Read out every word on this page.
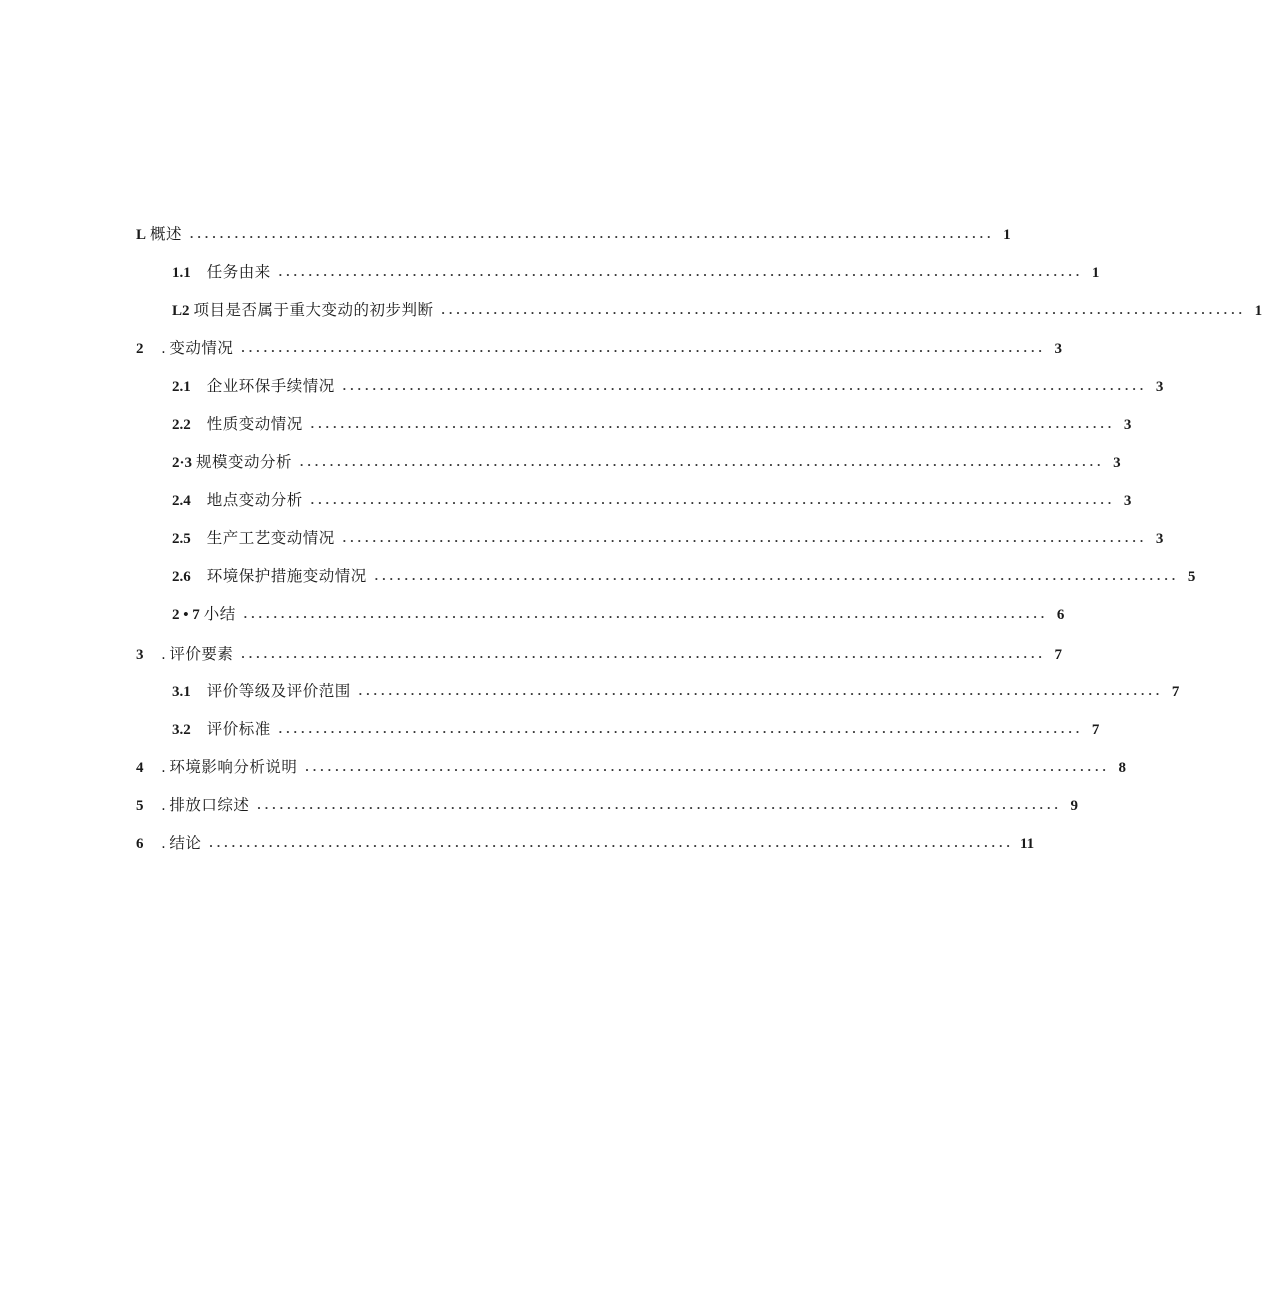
L 概述 ............................................................................................................ 1
1.1 任务由来 ............................................................................................................ 1
L2 项目是否属于重大变动的初步判断 ............................................................................................................ 1
2 . 变动情况 ............................................................................................................ 3
2.1 企业环保手续情况 ............................................................................................................ 3
2.2 性质变动情况 ............................................................................................................ 3
2·3 规模变动分析 ............................................................................................................ 3
2.4 地点变动分析 ............................................................................................................ 3
2.5 生产工艺变动情况 ............................................................................................................ 3
2.6 环境保护措施变动情况 ............................................................................................................ 5
2 • 7 小结 ............................................................................................................ 6
3 . 评价要素 ............................................................................................................ 7
3.1 评价等级及评价范围 ............................................................................................................ 7
3.2 评价标准 ............................................................................................................ 7
4 . 环境影响分析说明 ............................................................................................................ 8
5 . 排放口综述 ............................................................................................................ 9
6 . 结论 ............................................................................................................ 11
